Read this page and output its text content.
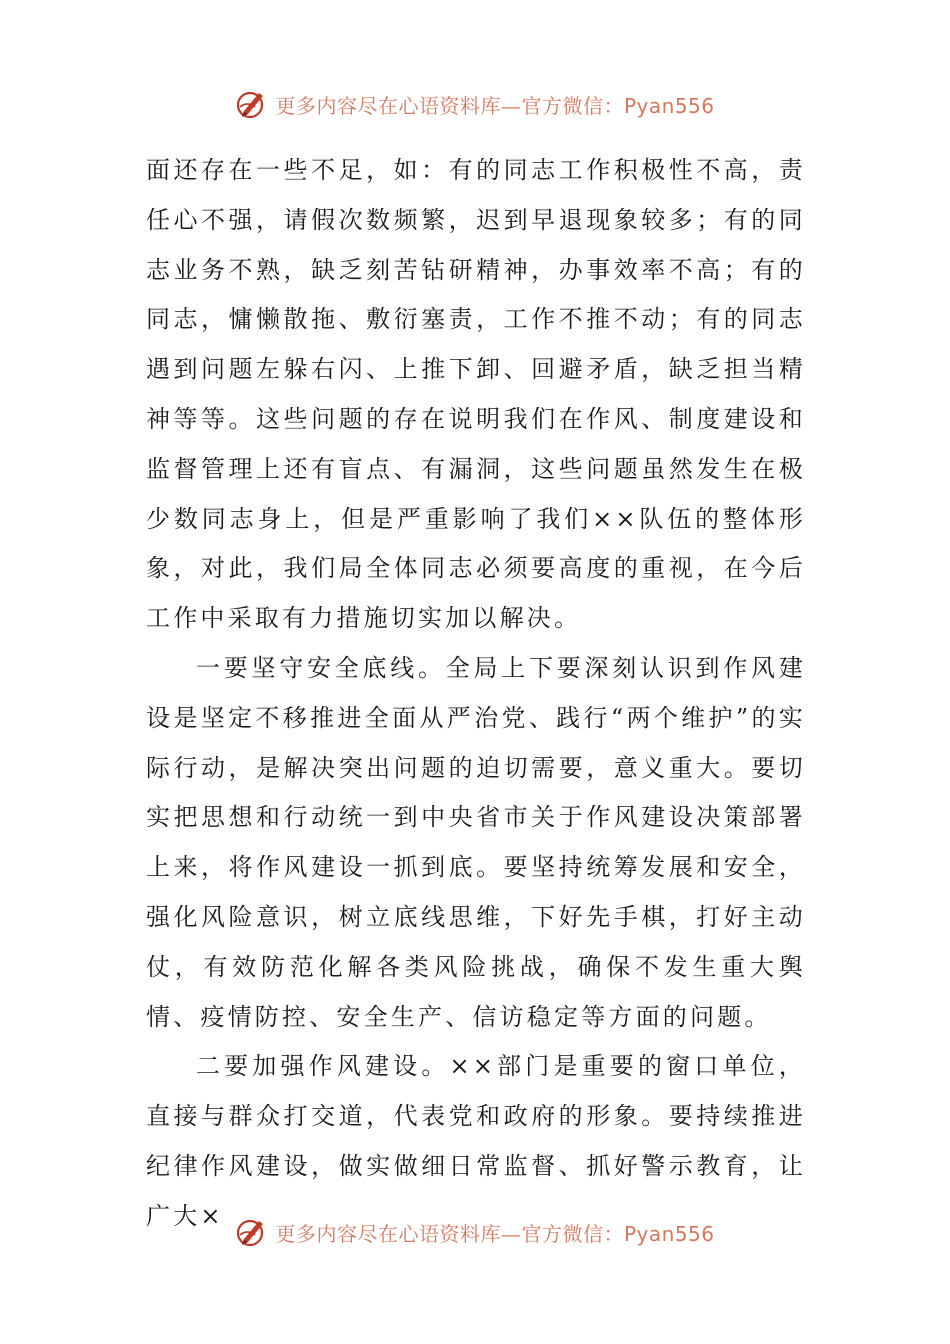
更多内容尽在心语资料库—官方微信：Pyan556

面还存在一些不足，如：有的同志工作积极性不高，责任心不强，请假次数频繁，迟到早退现象较多；有的同志业务不熟，缺乏刻苦钻研精神，办事效率不高；有的同志，慵懒散拖、敷衍塞责，工作不推不动；有的同志遇到问题左躲右闪、上推下卸、回避矛盾，缺乏担当精神等等。这些问题的存在说明我们在作风、制度建设和监督管理上还有盲点、有漏洞，这些问题虽然发生在极少数同志身上，但是严重影响了我们××队伍的整体形象，对此，我们局全体同志必须要高度的重视，在今后工作中采取有力措施切实加以解决。

一要坚守安全底线。全局上下要深刻认识到作风建设是坚定不移推进全面从严治党、践行“两个维护”的实际行动，是解决突出问题的迫切需要，意义重大。要切实把思想和行动统一到中央省市关于作风建设决策部署上来，将作风建设一抓到底。要坚持统筹发展和安全，强化风险意识，树立底线思维，下好先手棋，打好主动仗，有效防范化解各类风险挑战，确保不发生重大舆情、疫情防控、安全生产、信访稳定等方面的问题。

二要加强作风建设。××部门是重要的窗口单位，直接与群众打交道，代表党和政府的形象。要持续推进纪律作风建设，做实做细日常监督、抓好警示教育，让广大×

更多内容尽在心语资料库—官方微信：Pyan556
